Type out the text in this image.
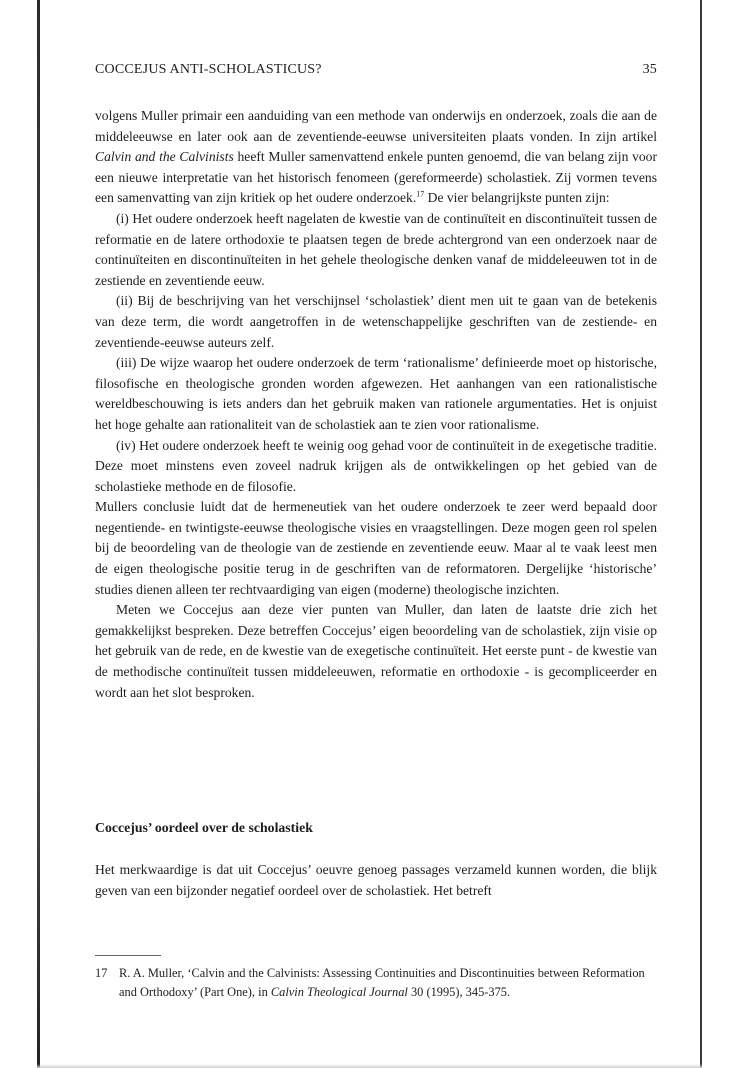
COCCEJUS ANTI-SCHOLASTICUS?	35

volgens Muller primair een aanduiding van een methode van onderwijs en onderzoek, zoals die aan de middeleeuwse en later ook aan de zeventiende-eeuwse universiteiten plaats vonden. In zijn artikel Calvin and the Calvinists heeft Muller samenvattend enkele punten genoemd, die van belang zijn voor een nieuwe interpretatie van het historisch fenomeen (gereformeerde) scholastiek. Zij vormen tevens een samenvatting van zijn kritiek op het oudere onderzoek.$^{17}$ De vier belangrijkste punten zijn:

(i) Het oudere onderzoek heeft nagelaten de kwestie van de continuïteit en discontinuïteit tussen de reformatie en de latere orthodoxie te plaatsen tegen de brede achtergrond van een onderzoek naar de continuïteiten en discontinuïteiten in het gehele theologische denken vanaf de middeleeuwen tot in de zestiende en zeventiende eeuw.

(ii) Bij de beschrijving van het verschijnsel ‘scholastiek’ dient men uit te gaan van de betekenis van deze term, die wordt aangetroffen in de wetenschappelijke geschriften van de zestiende- en zeventiende-eeuwse auteurs zelf.

(iii) De wijze waarop het oudere onderzoek de term ‘rationalisme’ definieerde moet op historische, filosofische en theologische gronden worden afgewezen. Het aanhangen van een rationalistische wereldbeschouwing is iets anders dan het gebruik maken van rationele argumentaties. Het is onjuist het hoge gehalte aan rationaliteit van de scholastiek aan te zien voor rationalisme.

(iv) Het oudere onderzoek heeft te weinig oog gehad voor de continuïteit in de exegetische traditie. Deze moet minstens even zoveel nadruk krijgen als de ontwikkelingen op het gebied van de scholastieke methode en de filosofie.

Mullers conclusie luidt dat de hermeneutiek van het oudere onderzoek te zeer werd bepaald door negentiende- en twintigste-eeuwse theologische visies en vraagstellingen. Deze mogen geen rol spelen bij de beoordeling van de theologie van de zestiende en zeventiende eeuw. Maar al te vaak leest men de eigen theologische positie terug in de geschriften van de reformatoren. Dergelijke ‘historische’ studies dienen alleen ter rechtvaardiging van eigen (moderne) theologische inzichten.

Meten we Coccejus aan deze vier punten van Muller, dan laten de laatste drie zich het gemakkelijkst bespreken. Deze betreffen Coccejus’ eigen beoordeling van de scholastiek, zijn visie op het gebruik van de rede, en de kwestie van de exegetische continuïteit. Het eerste punt - de kwestie van de methodische continuïteit tussen middeleeuwen, reformatie en orthodoxie - is gecompliceerder en wordt aan het slot besproken.

Coccejus’ oordeel over de scholastiek
Het merkwaardige is dat uit Coccejus’ oeuvre genoeg passages verzameld kunnen worden, die blijk geven van een bijzonder negatief oordeel over de scholastiek. Het betreft
17 R. A. Muller, ‘Calvin and the Calvinists: Assessing Continuities and Discontinuities between Reformation and Orthodoxy’ (Part One), in Calvin Theological Journal 30 (1995), 345-375.
